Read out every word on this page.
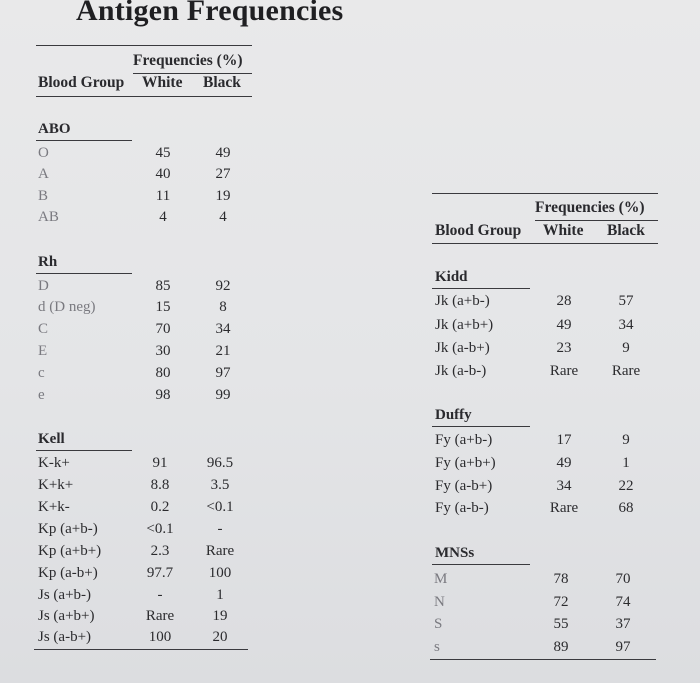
Antigen Frequencies
Frequencies (%)
Blood Group White Black
ABO
O	45	49
A	40	27
B	11	19
AB	4	4
Rh
D	85	92
d (D neg)	15	8
C	70	34
E	30	21
c	80	97
e	98	99
Kell
K-k+	91	96.5
K+k+	8.8	3.5
K+k-	0.2	<0.1
Kp (a+b-)	<0.1	-
Kp (a+b+)	2.3	Rare
Kp (a-b+)	97.7	100
Js (a+b-)	-	1
Js (a+b+)	Rare	19
Js (a-b+)	100	20
Frequencies (%)
Blood Group White Black
Kidd
Jk (a+b-)	28	57
Jk (a+b+)	49	34
Jk (a-b+)	23	9
Jk (a-b-)	Rare	Rare
Duffy
Fy (a+b-)	17	9
Fy (a+b+)	49	1
Fy (a-b+)	34	22
Fy (a-b-)	Rare	68
MNSs
M	78	70
N	72	74
S	55	37
s	89	97
